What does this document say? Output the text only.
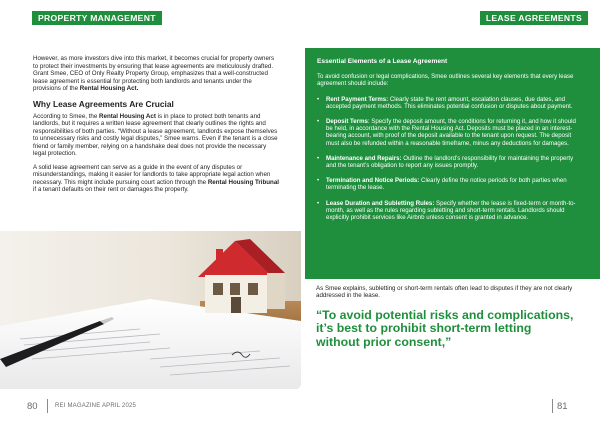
PROPERTY MANAGEMENT	LEASE AGREEMENTS

However, as more investors dive into this market, it becomes crucial for property owners to protect their investments by ensuring that lease agreements are meticulously drafted. Grant Smee, CEO of Only Realty Property Group, emphasizes that a well-constructed lease agreement is essential for protecting both landlords and tenants under the provisions of the Rental Housing Act.

Why Lease Agreements Are Crucial

According to Smee, the Rental Housing Act is in place to protect both tenants and landlords, but it requires a written lease agreement that clearly outlines the rights and responsibilities of both parties. “Without a lease agreement, landlords expose themselves to unnecessary risks and costly legal disputes,” Smee warns. Even if the tenant is a close friend or family member, relying on a handshake deal does not provide the necessary legal protection.

A solid lease agreement can serve as a guide in the event of any disputes or misunderstandings, making it easier for landlords to take appropriate legal action when necessary. This might include pursuing court action through the Rental Housing Tribunal if a tenant defaults on their rent or damages the property.

Essential Elements of a Lease Agreement

To avoid confusion or legal complications, Smee outlines several key elements that every lease agreement should include:

• Rent Payment Terms: Clearly state the rent amount, escalation clauses, due dates, and accepted payment methods. This eliminates potential confusion or disputes about payment.
• Deposit Terms: Specify the deposit amount, the conditions for returning it, and how it should be held, in accordance with the Rental Housing Act. Deposits must be placed in an interest-bearing account, with proof of the deposit available to the tenant upon request. The deposit must also be refunded within a reasonable timeframe, minus any deductions for damages.
• Maintenance and Repairs: Outline the landlord’s responsibility for maintaining the property and the tenant’s obligation to report any issues promptly.
• Termination and Notice Periods: Clearly define the notice periods for both parties when terminating the lease.
• Lease Duration and Subletting Rules: Specify whether the lease is fixed-term or month-to-month, as well as the rules regarding subletting and short-term rentals. Landlords should explicitly prohibit services like Airbnb unless consent is granted in advance.

As Smee explains, subletting or short-term rentals often lead to disputes if they are not clearly addressed in the lease.

“To avoid potential risks and complications, it’s best to prohibit short-term letting without prior consent,”

80	REI MAGAZINE APRIL 2025	81
